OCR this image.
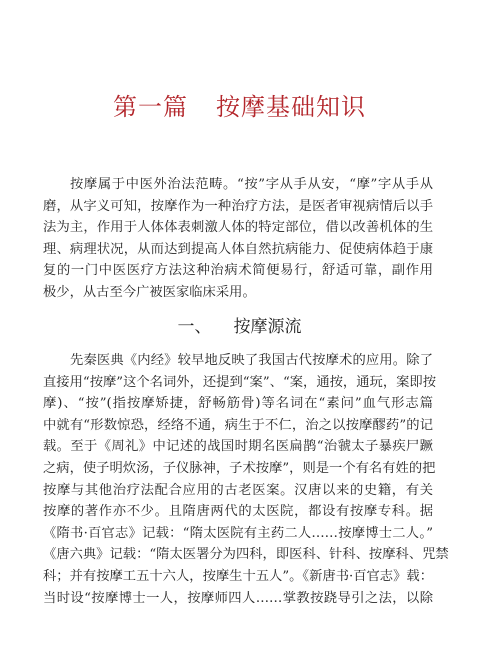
第一篇 按摩基础知识
按摩属于中医外治法范畴。“按”字从手从安，“摩”字从手从
磨，从字义可知，按摩作为一种治疗方法，是医者审视病情后以手
法为主，作用于人体体表刺激人体的特定部位，借以改善机体的生
理、病理状况，从而达到提高人体自然抗病能力、促使病体趋于康
复的一门中医医疗方法这种治病术简便易行，舒适可靠，副作用
极少，从古至今广被医家临床采用。
一、 按摩源流
先秦医典《内经》较早地反映了我国古代按摩术的应用。除了
直接用“按摩”这个名词外，还提到“案”、“案，通按，通玩，案即按
摩)、“按”(指按摩矫捷，舒畅筋骨)等名词在“素问”血气形志篇
中就有“形数惊恐，经络不通，病生于不仁，治之以按摩醪药”的记
载。至于《周礼》中记述的战国时期名医扁鹊“治虢太子暴疾尸蹶
之病，使子明炊汤，子仪脉神，子术按摩”，则是一个有名有姓的把
按摩与其他治疗法配合应用的古老医案。汉唐以来的史籍，有关
按摩的著作亦不少。且隋唐两代的太医院，都设有按摩专科。据
《隋书·百官志》记载：“隋太医院有主药二人……按摩博士二人。”
《唐六典》记载：“隋太医署分为四科，即医科、针科、按摩科、咒禁
科；并有按摩工五十六人，按摩生十五人”。《新唐书·百官志》载：
当时设“按摩博士一人，按摩师四人……掌教按跷导引之法，以除
